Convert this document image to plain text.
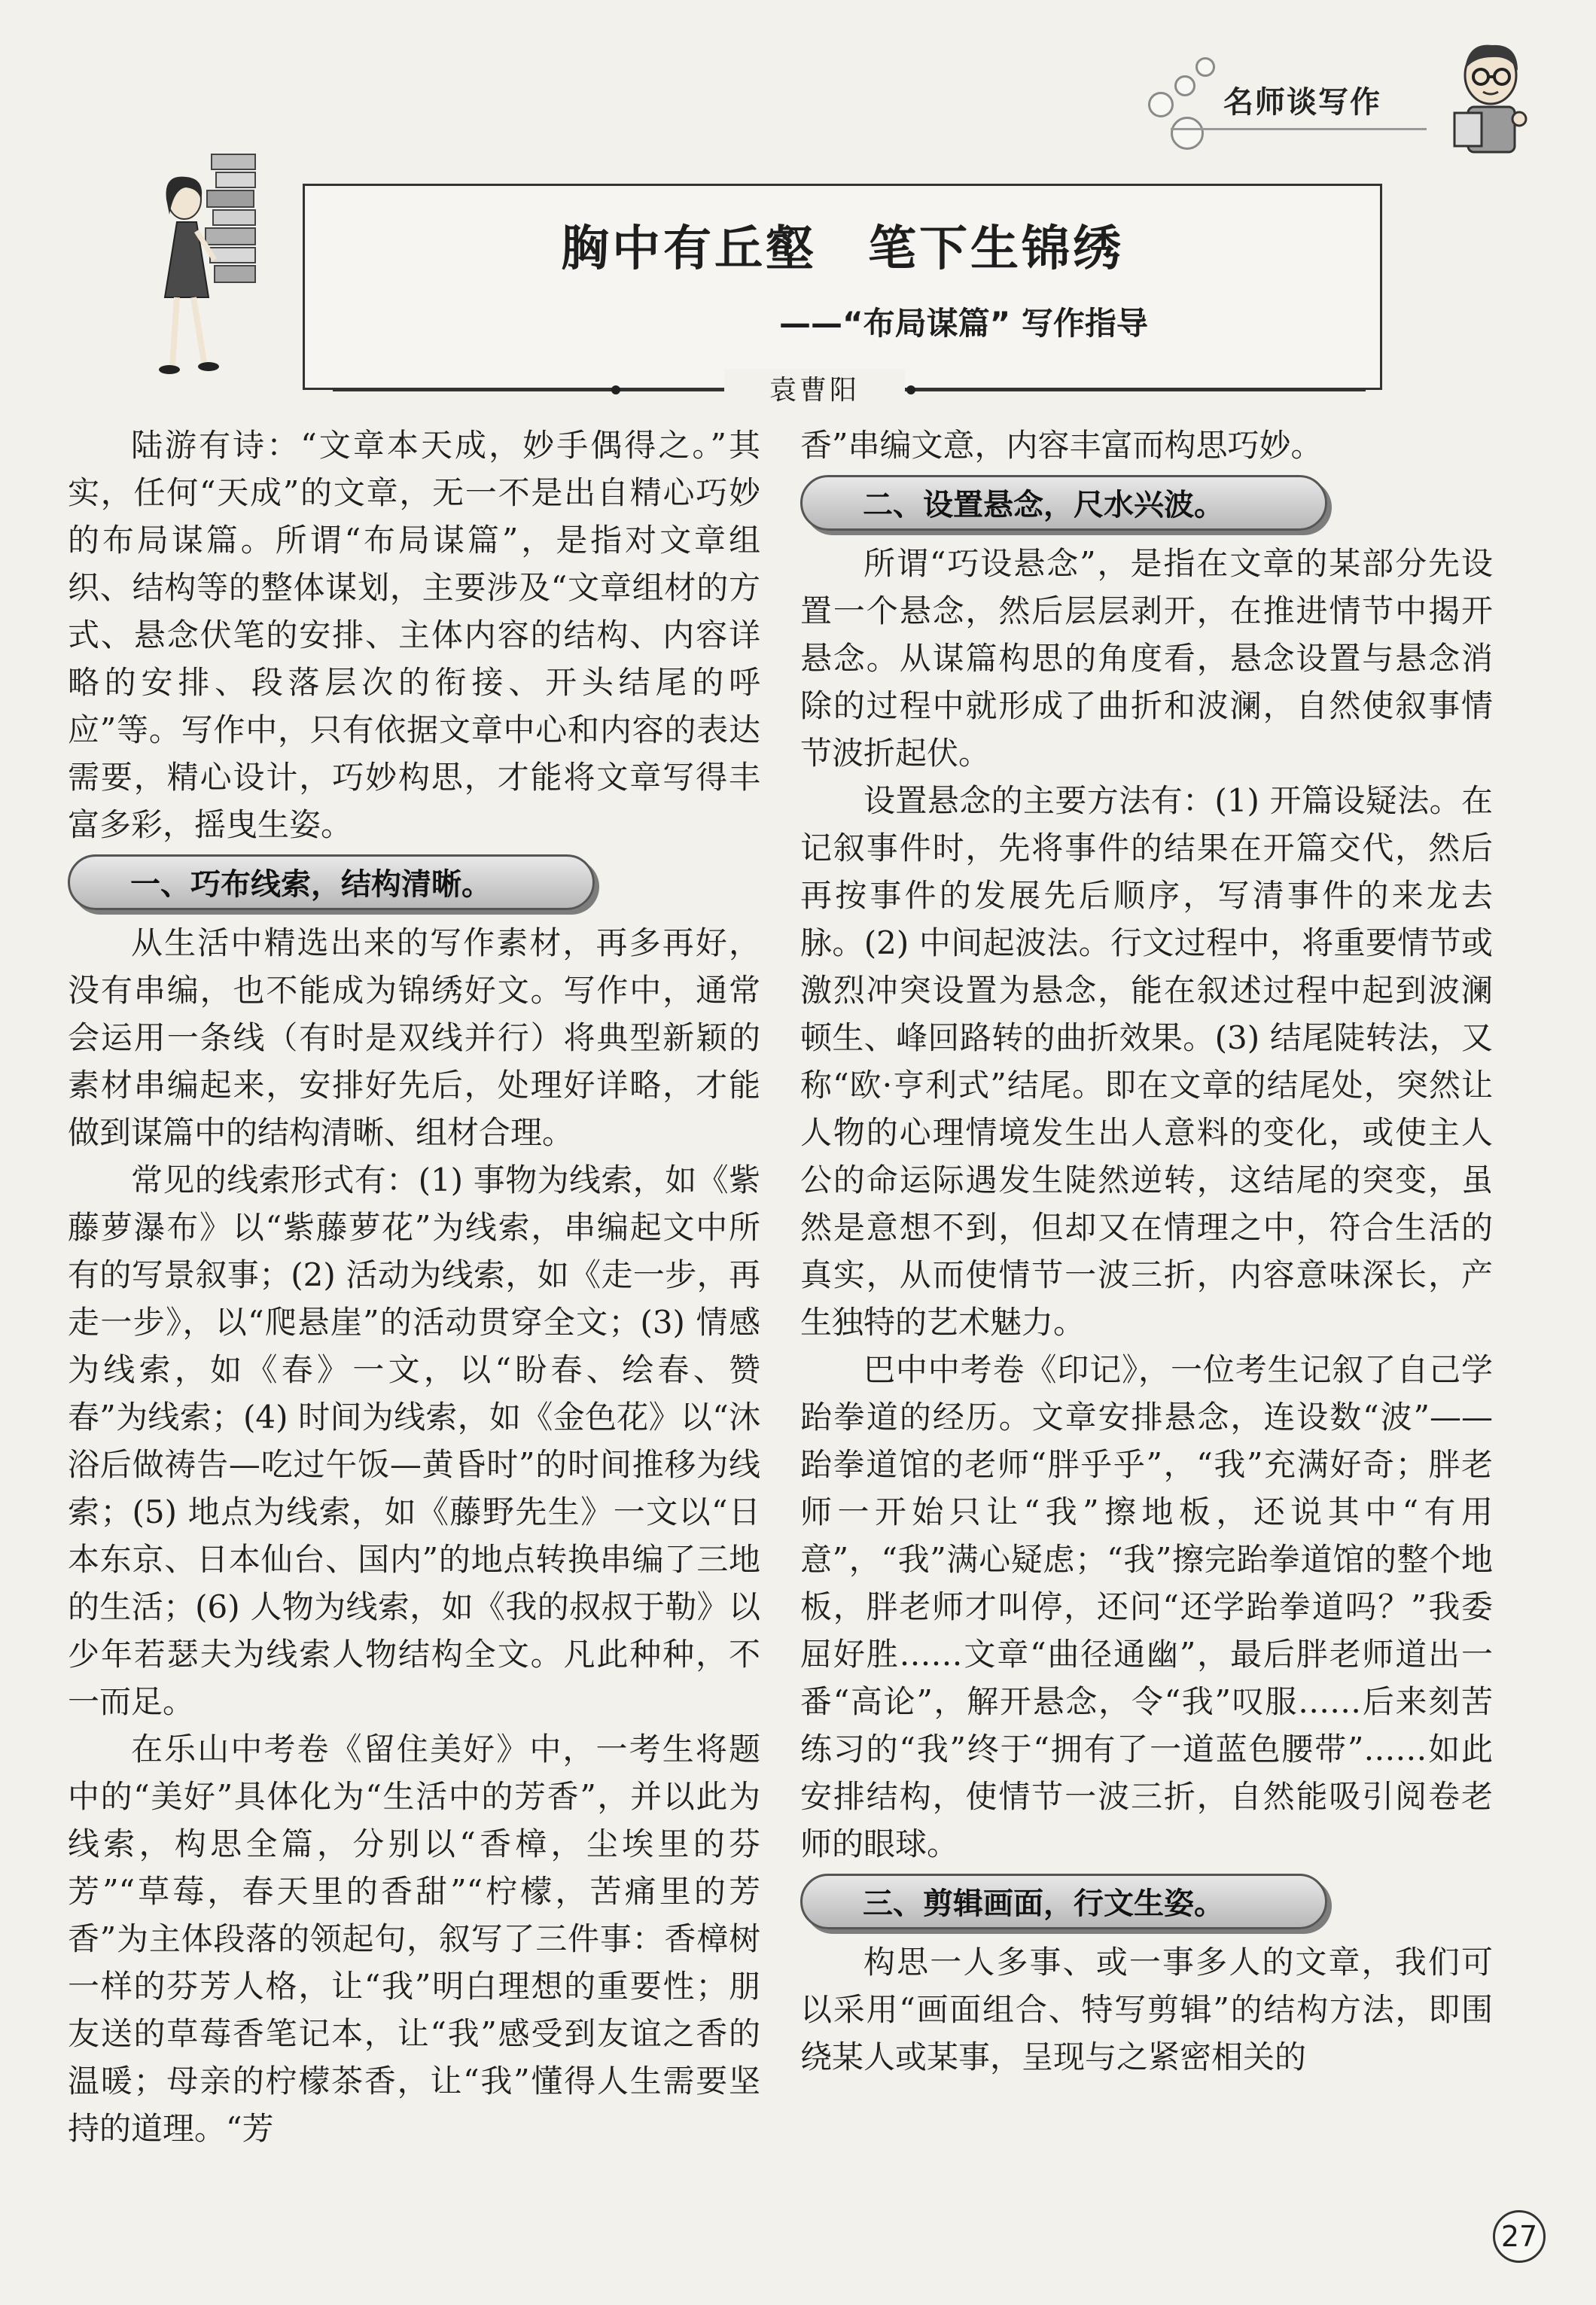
名师谈写作
胸中有丘壑　笔下生锦绣
——“布局谋篇” 写作指导
袁曹阳

陆游有诗：“文章本天成，妙手偶得之。”其实，任何“天成”的文章，无一不是出自精心巧妙的布局谋篇。所谓“布局谋篇”，是指对文章组织、结构等的整体谋划，主要涉及“文章组材的方式、悬念伏笔的安排、主体内容的结构、内容详略的安排、段落层次的衔接、开头结尾的呼应”等。写作中，只有依据文章中心和内容的表达需要，精心设计，巧妙构思，才能将文章写得丰富多彩，摇曳生姿。

一、巧布线索，结构清晰。

从生活中精选出来的写作素材，再多再好，没有串编，也不能成为锦绣好文。写作中，通常会运用一条线（有时是双线并行）将典型新颖的素材串编起来，安排好先后，处理好详略，才能做到谋篇中的结构清晰、组材合理。

常见的线索形式有：(1) 事物为线索，如《紫藤萝瀑布》以“紫藤萝花”为线索，串编起文中所有的写景叙事；(2) 活动为线索，如《走一步，再走一步》，以“爬悬崖”的活动贯穿全文；(3) 情感为线索，如《春》一文，以“盼春、绘春、赞春”为线索；(4) 时间为线索，如《金色花》以“沐浴后做祷告—吃过午饭—黄昏时”的时间推移为线索；(5) 地点为线索，如《藤野先生》一文以“日本东京、日本仙台、国内”的地点转换串编了三地的生活；(6) 人物为线索，如《我的叔叔于勒》以少年若瑟夫为线索人物结构全文。凡此种种，不一而足。

在乐山中考卷《留住美好》中，一考生将题中的“美好”具体化为“生活中的芳香”，并以此为线索，构思全篇，分别以“香樟，尘埃里的芬芳”“草莓，春天里的香甜”“柠檬，苦痛里的芳香”为主体段落的领起句，叙写了三件事：香樟树一样的芬芳人格，让“我”明白理想的重要性；朋友送的草莓香笔记本，让“我”感受到友谊之香的温暖；母亲的柠檬茶香，让“我”懂得人生需要坚持的道理。“芳

香”串编文意，内容丰富而构思巧妙。

二、设置悬念，尺水兴波。

所谓“巧设悬念”，是指在文章的某部分先设置一个悬念，然后层层剥开，在推进情节中揭开悬念。从谋篇构思的角度看，悬念设置与悬念消除的过程中就形成了曲折和波澜，自然使叙事情节波折起伏。

设置悬念的主要方法有：(1) 开篇设疑法。在记叙事件时，先将事件的结果在开篇交代，然后再按事件的发展先后顺序，写清事件的来龙去脉。(2) 中间起波法。行文过程中，将重要情节或激烈冲突设置为悬念，能在叙述过程中起到波澜顿生、峰回路转的曲折效果。(3) 结尾陡转法，又称“欧·亨利式”结尾。即在文章的结尾处，突然让人物的心理情境发生出人意料的变化，或使主人公的命运际遇发生陡然逆转，这结尾的突变，虽然是意想不到，但却又在情理之中，符合生活的真实，从而使情节一波三折，内容意味深长，产生独特的艺术魅力。

巴中中考卷《印记》，一位考生记叙了自己学跆拳道的经历。文章安排悬念，连设数“波”——跆拳道馆的老师“胖乎乎”，“我”充满好奇；胖老师一开始只让“我”擦地板，还说其中“有用意”，“我”满心疑虑；“我”擦完跆拳道馆的整个地板，胖老师才叫停，还问“还学跆拳道吗？”我委屈好胜……文章“曲径通幽”，最后胖老师道出一番“高论”，解开悬念，令“我”叹服……后来刻苦练习的“我”终于“拥有了一道蓝色腰带”……如此安排结构，使情节一波三折，自然能吸引阅卷老师的眼球。

三、剪辑画面，行文生姿。

构思一人多事、或一事多人的文章，我们可以采用“画面组合、特写剪辑”的结构方法，即围绕某人或某事，呈现与之紧密相关的

27
